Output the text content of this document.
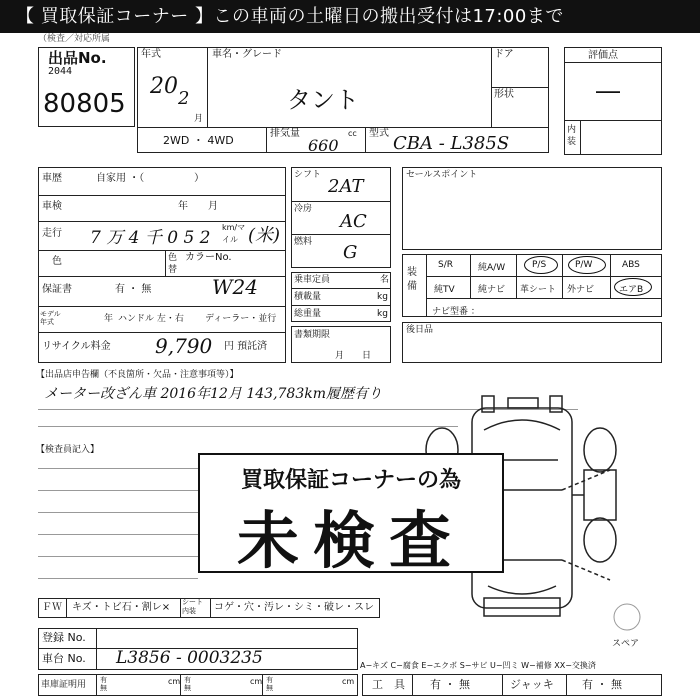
【 買取保証コーナー 】この車両の土曜日の搬出受付は17:00まで
（検査／対応所属
出品No.
2044
80805
年式
20 2
月
車名・グレード
タント
ドア
形状
2WD ・ 4WD
排気量	cc
660
型式 CBA - L385S
評価点
―
内装
車歴	自家用 ・（　　　　　）
車検	年　　月
走行 7 万 4 千 0 5 2
km/マイル (米)
色	色替
カラーNo.
W24
保証書	有 ・ 無
モデル年式	年 ハンドル 左・右 ディーラー・並行
リサイクル料金 9,790 円 預託済
シフト
2AT
冷房
AC
燃料 G
乗車定員	名
積載量	kg
総重量	kg
書類期限
月　　日
セールスポイント
装備
S/R	純A/W	P/S	P/W	ABS
純TV	純ナビ 革シート 外ナビ	エアB
ナビ型番 ：
後日品
【出品店申告欄（不良箇所・欠品・注意事項等）】
メーター改ざん車 2016年12月 143,783km履歴有り
【検査員記入】
買取保証コーナーの為
未検査
ＦＷ キズ・トビ石・割レ× シート内装	コゲ・穴・汚レ・シミ・破レ・スレ
登録 No.
車台 No. L3856 - 0003235
車庫証明用 有無
cm 有無
cm 有無
cm
スペア
A−キズ C−腐食 E−エクボ S−サビ U−凹ミ W−補修 XX−交換済
工　具 有 ・ 無	ジャッキ	有 ・ 無
